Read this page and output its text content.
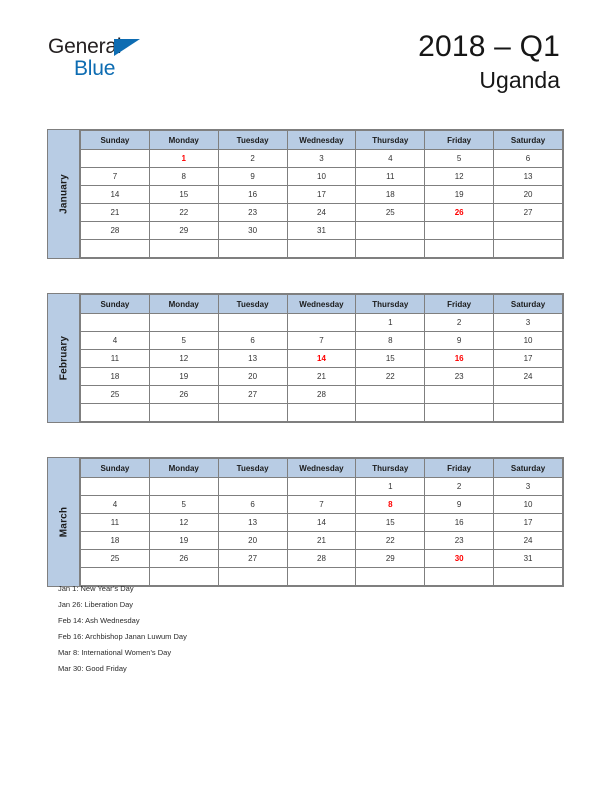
General
Blue
2018 – Q1
Uganda
January
Sunday	Monday	Tuesday	Wednesday	Thursday	Friday	Saturday
	1	2	3	4	5	6
7	8	9	10	11	12	13
14	15	16	17	18	19	20
21	22	23	24	25	26	27
28	29	30	31			

February
Sunday	Monday	Tuesday	Wednesday	Thursday	Friday	Saturday
				1	2	3
4	5	6	7	8	9	10
11	12	13	14	15	16	17
18	19	20	21	22	23	24
25	26	27	28			

March
Sunday	Monday	Tuesday	Wednesday	Thursday	Friday	Saturday
				1	2	3
4	5	6	7	8	9	10
11	12	13	14	15	16	17
18	19	20	21	22	23	24
25	26	27	28	29	30	31

Jan 1: New Year’s Day
Jan 26: Liberation Day
Feb 14: Ash Wednesday
Feb 16: Archbishop Janan Luwum Day
Mar 8: International Women’s Day
Mar 30: Good Friday
